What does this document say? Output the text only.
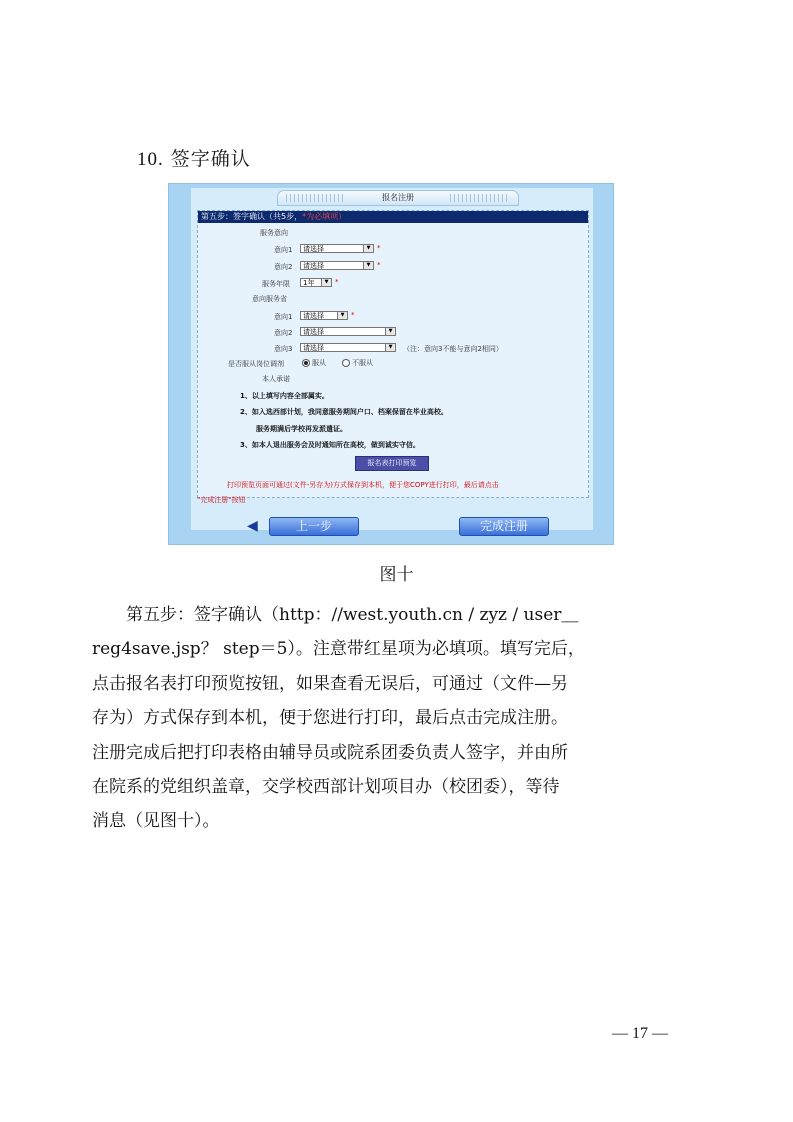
10. 签字确认
报名注册
第五步：签字确认（共5步，*为必填项）
服务意向
意向1	请选择	▼ *
意向2	请选择	▼ *
服务年限	1年	▼ *
意向服务省
意向1	请选择	▼ *
意向2	请选择	▼
意向3	请选择	▼	（注：意向3不能与意向2相同）
是否服从岗位调剂	服从	不服从
本人承诺
1、以上填写内容全部属实。
2、如入选西部计划，我同意服务期间户口、档案保留在毕业高校。
服务期满后学校再发派遣证。
3、如本人退出服务会及时通知所在高校，做到诚实守信。
报名表打印预览
打印预览页面可通过(文件-另存为)方式保存到本机，便于您COPY进行打印，最后请点击
"完成注册"按钮
◀	上一步	完成注册
图十
第五步：签字确认（http：//west.youth.cn / zyz / user＿
reg4save.jsp？ step＝5）。注意带红星项为必填项。填写完后，
点击报名表打印预览按钮，如果查看无误后，可通过（文件—另
存为）方式保存到本机，便于您进行打印，最后点击完成注册。
注册完成后把打印表格由辅导员或院系团委负责人签字，并由所
在院系的党组织盖章，交学校西部计划项目办（校团委），等待
消息（见图十）。
— 17 —
